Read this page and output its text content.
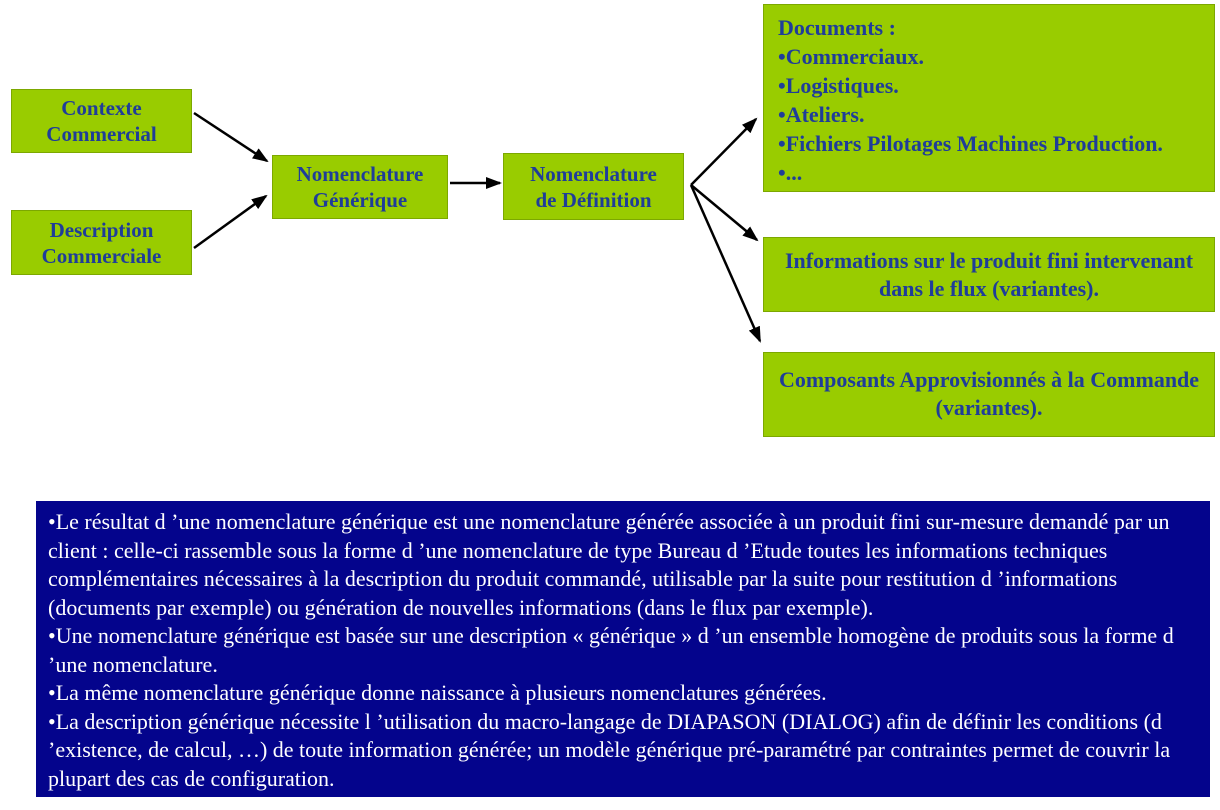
Contexte
Commercial
Description
Commerciale
Nomenclature
Générique
Nomenclature
de Définition
Documents :
•Commerciaux.
•Logistiques.
•Ateliers.
•Fichiers Pilotages Machines Production.
•...
Informations sur le produit fini intervenant dans le flux (variantes).
Composants Approvisionnés à la Commande (variantes).

•Le résultat d ’une nomenclature générique est une nomenclature générée associée à un produit fini sur-mesure demandé par un client : celle-ci rassemble sous la forme d ’une nomenclature de type Bureau d ’Etude toutes les informations techniques complémentaires nécessaires à la description du produit commandé, utilisable par la suite pour restitution d ’informations (documents par exemple) ou génération de nouvelles informations (dans le flux par exemple).

•Une nomenclature générique est basée sur une description « générique » d ’un ensemble homogène de produits sous la forme d ’une nomenclature.

•La même nomenclature générique donne naissance à plusieurs nomenclatures générées.

•La description générique nécessite l ’utilisation du macro-langage de DIAPASON (DIALOG) afin de définir les conditions (d ’existence, de calcul, …) de toute information générée; un modèle générique pré-paramétré par contraintes permet de couvrir la plupart des cas de configuration.
